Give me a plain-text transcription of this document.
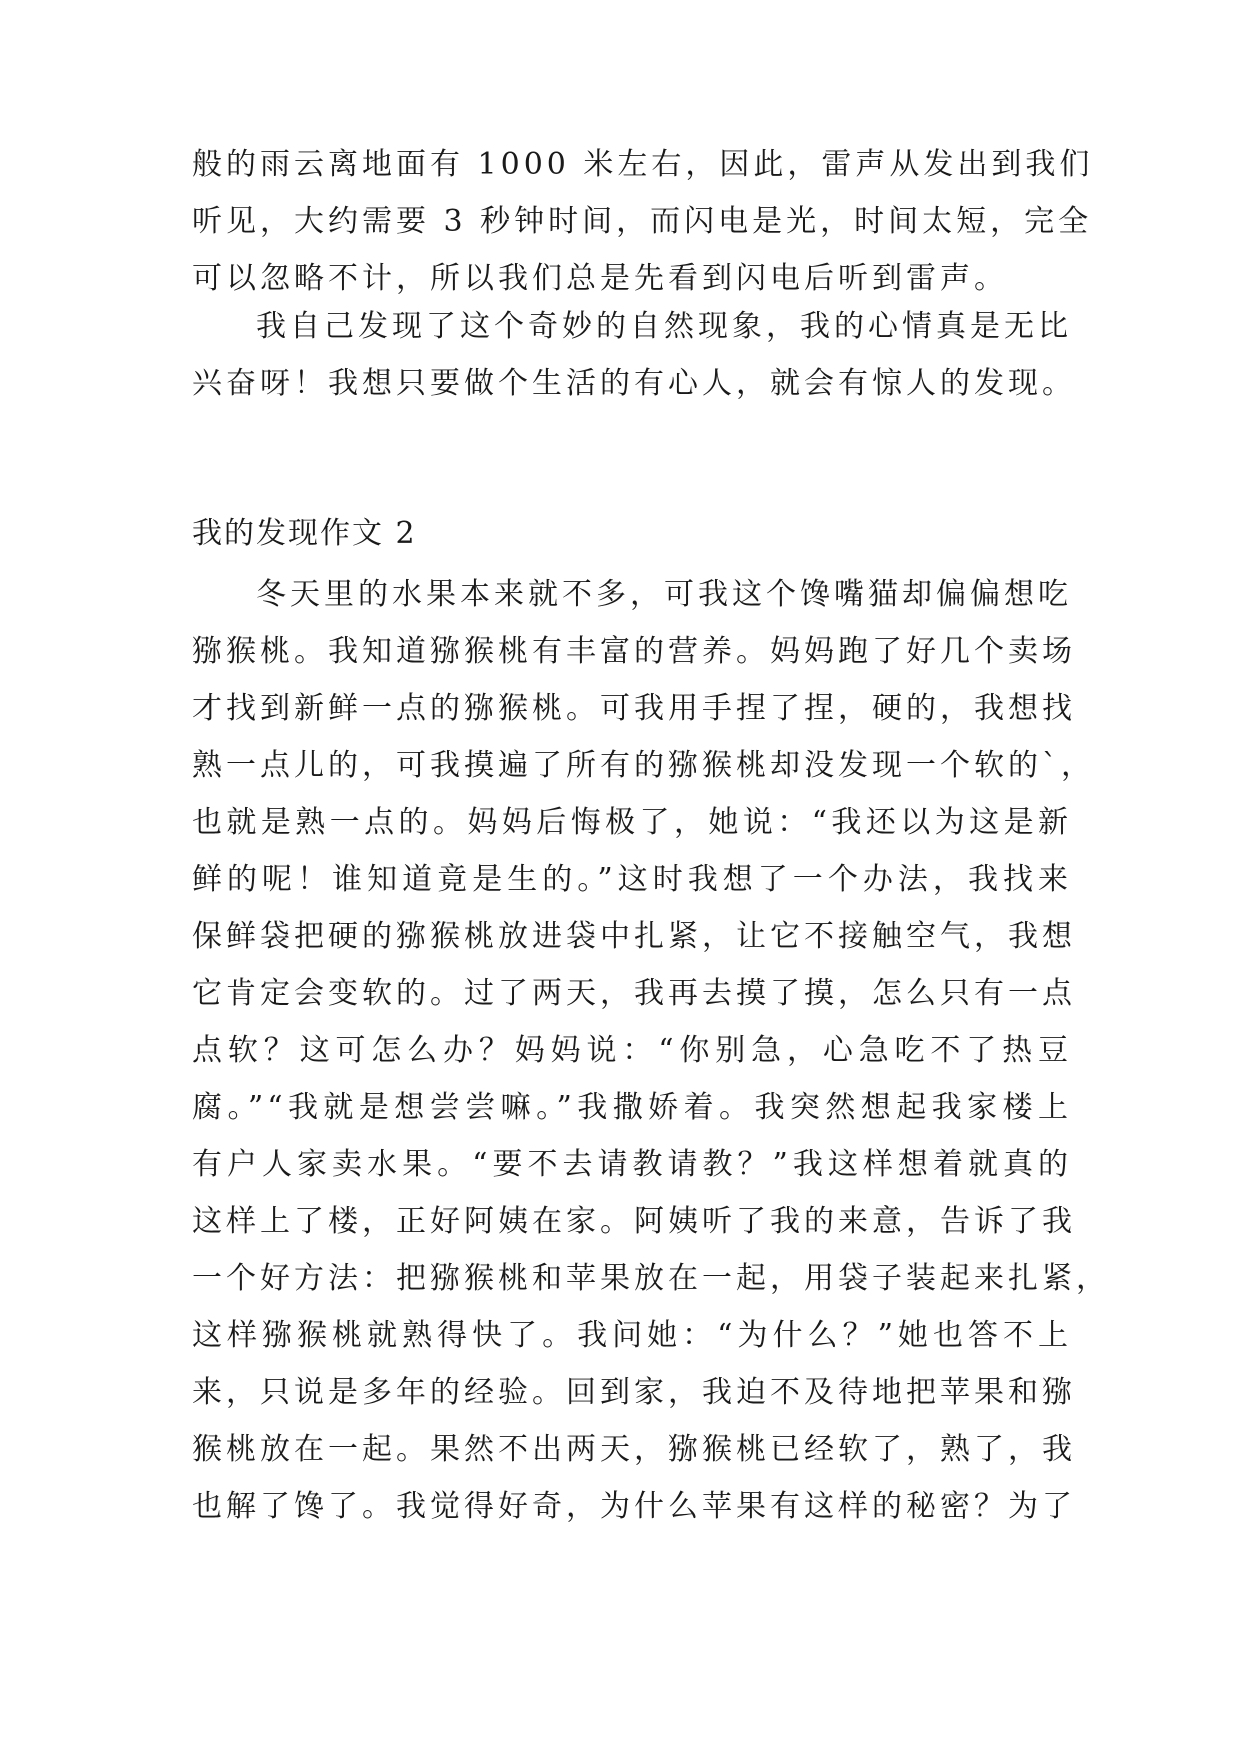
般的雨云离地面有 1000 米左右，因此，雷声从发出到我们
听见，大约需要 3 秒钟时间，而闪电是光，时间太短，完全
可以忽略不计，所以我们总是先看到闪电后听到雷声。
我自己发现了这个奇妙的自然现象，我的心情真是无比
兴奋呀！我想只要做个生活的有心人，就会有惊人的发现。
我的发现作文 2
冬天里的水果本来就不多，可我这个馋嘴猫却偏偏想吃
猕猴桃。我知道猕猴桃有丰富的营养。妈妈跑了好几个卖场
才找到新鲜一点的猕猴桃。可我用手捏了捏，硬的，我想找
熟一点儿的，可我摸遍了所有的猕猴桃却没发现一个软的`，
也就是熟一点的。妈妈后悔极了，她说：“我还以为这是新
鲜的呢！谁知道竟是生的。”这时我想了一个办法，我找来
保鲜袋把硬的猕猴桃放进袋中扎紧，让它不接触空气，我想
它肯定会变软的。过了两天，我再去摸了摸，怎么只有一点
点软？这可怎么办？妈妈说：“你别急，心急吃不了热豆
腐。”“我就是想尝尝嘛。”我撒娇着。我突然想起我家楼上
有户人家卖水果。“要不去请教请教？”我这样想着就真的
这样上了楼，正好阿姨在家。阿姨听了我的来意，告诉了我
一个好方法：把猕猴桃和苹果放在一起，用袋子装起来扎紧，
这样猕猴桃就熟得快了。我问她：“为什么？”她也答不上
来，只说是多年的经验。回到家，我迫不及待地把苹果和猕
猴桃放在一起。果然不出两天，猕猴桃已经软了，熟了，我
也解了馋了。我觉得好奇，为什么苹果有这样的秘密？为了
